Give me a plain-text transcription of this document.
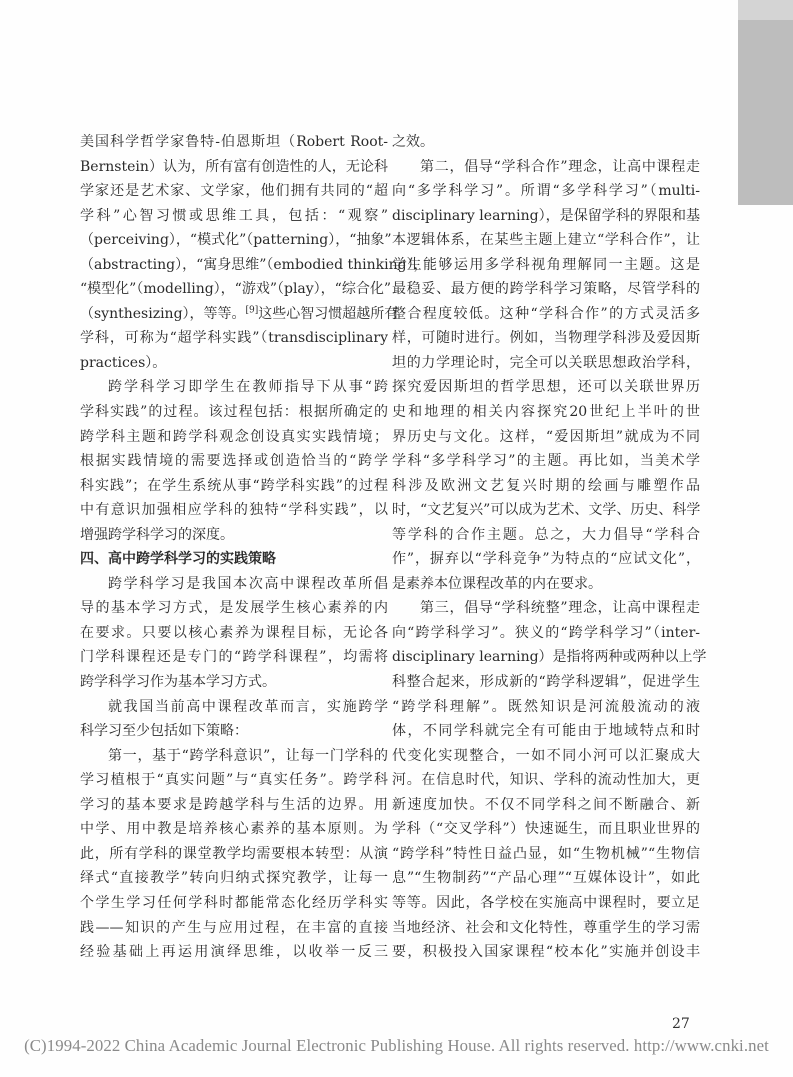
美国科学哲学家鲁特-伯恩斯坦（Robert Root-
Bernstein）认为，所有富有创造性的人，无论科
学家还是艺术家、文学家，他们拥有共同的“超
学科”心智习惯或思维工具，包括：“观察”
（perceiving），“模式化”（patterning），“抽象”
（abstracting），“寓身思维”（embodied thinking），
“模型化”（modelling），“游戏”（play），“综合化”
（synthesizing），等等。[9]这些心智习惯超越所有
学科，可称为“超学科实践”（transdisciplinary
practices）。
跨学科学习即学生在教师指导下从事“跨
学科实践”的过程。该过程包括：根据所确定的
跨学科主题和跨学科观念创设真实实践情境；
根据实践情境的需要选择或创造恰当的“跨学
科实践”；在学生系统从事“跨学科实践”的过程
中有意识加强相应学科的独特“学科实践”，以
增强跨学科学习的深度。
四、高中跨学科学习的实践策略
跨学科学习是我国本次高中课程改革所倡
导的基本学习方式，是发展学生核心素养的内
在要求。只要以核心素养为课程目标，无论各
门学科课程还是专门的“跨学科课程”，均需将
跨学科学习作为基本学习方式。
就我国当前高中课程改革而言，实施跨学
科学习至少包括如下策略：
第一，基于“跨学科意识”，让每一门学科的
学习植根于“真实问题”与“真实任务”。跨学科
学习的基本要求是跨越学科与生活的边界。用
中学、用中教是培养核心素养的基本原则。为
此，所有学科的课堂教学均需要根本转型：从演
绎式“直接教学”转向归纳式探究教学，让每一
个学生学习任何学科时都能常态化经历学科实
践——知识的产生与应用过程，在丰富的直接
经验基础上再运用演绎思维，以收举一反三
之效。
第二，倡导“学科合作”理念，让高中课程走
向“多学科学习”。所谓“多学科学习”（multi-
disciplinary learning），是保留学科的界限和基
本逻辑体系，在某些主题上建立“学科合作”，让
学生能够运用多学科视角理解同一主题。这是
最稳妥、最方便的跨学科学习策略，尽管学科的
整合程度较低。这种“学科合作”的方式灵活多
样，可随时进行。例如，当物理学科涉及爱因斯
坦的力学理论时，完全可以关联思想政治学科，
探究爱因斯坦的哲学思想，还可以关联世界历
史和地理的相关内容探究20世纪上半叶的世
界历史与文化。这样，“爱因斯坦”就成为不同
学科“多学科学习”的主题。再比如，当美术学
科涉及欧洲文艺复兴时期的绘画与雕塑作品
时，“文艺复兴”可以成为艺术、文学、历史、科学
等学科的合作主题。总之，大力倡导“学科合
作”，摒弃以“学科竞争”为特点的“应试文化”，
是素养本位课程改革的内在要求。
第三，倡导“学科统整”理念，让高中课程走
向“跨学科学习”。狭义的“跨学科学习”（inter-
disciplinary learning）是指将两种或两种以上学
科整合起来，形成新的“跨学科逻辑”，促进学生
“跨学科理解”。既然知识是河流般流动的液
体，不同学科就完全有可能由于地域特点和时
代变化实现整合，一如不同小河可以汇聚成大
河。在信息时代，知识、学科的流动性加大，更
新速度加快。不仅不同学科之间不断融合、新
学科（“交叉学科”）快速诞生，而且职业世界的
“跨学科”特性日益凸显，如“生物机械”“生物信
息”“生物制药”“产品心理”“互媒体设计”，如此
等等。因此，各学校在实施高中课程时，要立足
当地经济、社会和文化特性，尊重学生的学习需
要，积极投入国家课程“校本化”实施并创设丰
27
(C)1994-2022 China Academic Journal Electronic Publishing House. All rights reserved. http://www.cnki.net
